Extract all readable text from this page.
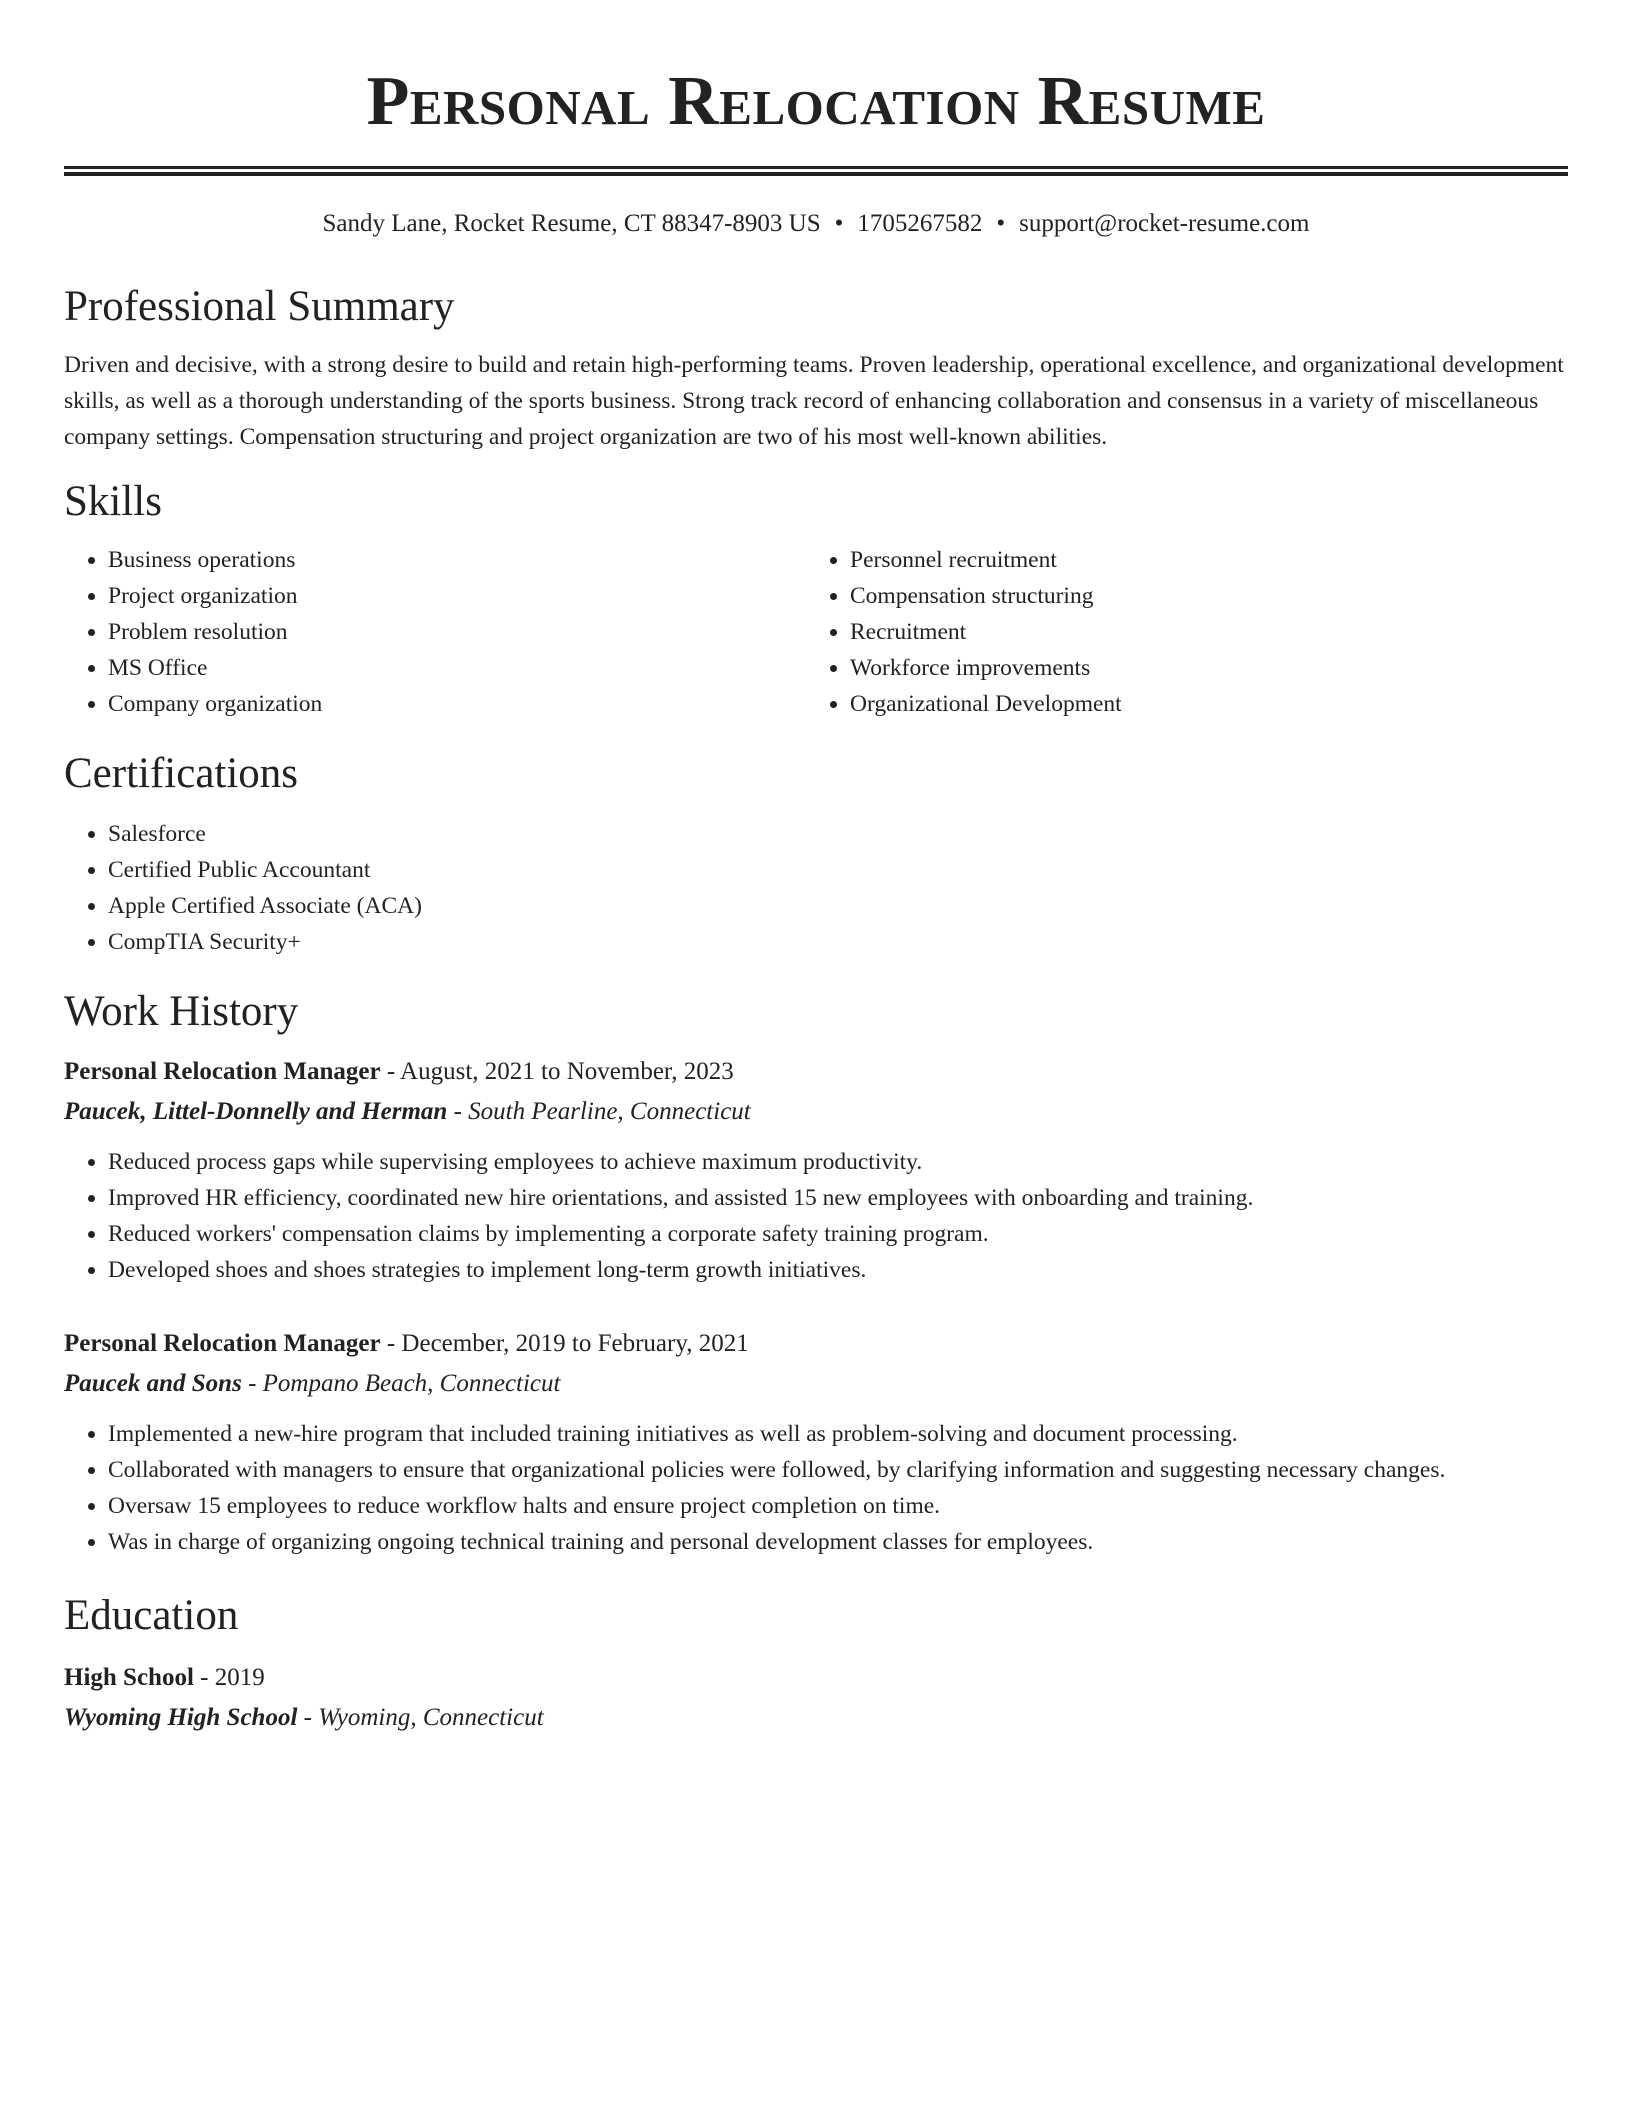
Personal Relocation Resume
Sandy Lane, Rocket Resume, CT 88347-8903 US • 1705267582 • support@rocket-resume.com
Professional Summary
Driven and decisive, with a strong desire to build and retain high-performing teams. Proven leadership, operational excellence, and organizational development skills, as well as a thorough understanding of the sports business. Strong track record of enhancing collaboration and consensus in a variety of miscellaneous company settings. Compensation structuring and project organization are two of his most well-known abilities.
Skills
• Business operations
• Project organization
• Problem resolution
• MS Office
• Company organization
• Personnel recruitment
• Compensation structuring
• Recruitment
• Workforce improvements
• Organizational Development
Certifications
• Salesforce
• Certified Public Accountant
• Apple Certified Associate (ACA)
• CompTIA Security+
Work History
Personal Relocation Manager - August, 2021 to November, 2023
Paucek, Littel-Donnelly and Herman - South Pearline, Connecticut
• Reduced process gaps while supervising employees to achieve maximum productivity.
• Improved HR efficiency, coordinated new hire orientations, and assisted 15 new employees with onboarding and training.
• Reduced workers' compensation claims by implementing a corporate safety training program.
• Developed shoes and shoes strategies to implement long-term growth initiatives.
Personal Relocation Manager - December, 2019 to February, 2021
Paucek and Sons - Pompano Beach, Connecticut
• Implemented a new-hire program that included training initiatives as well as problem-solving and document processing.
• Collaborated with managers to ensure that organizational policies were followed, by clarifying information and suggesting necessary changes.
• Oversaw 15 employees to reduce workflow halts and ensure project completion on time.
• Was in charge of organizing ongoing technical training and personal development classes for employees.
Education
High School - 2019
Wyoming High School - Wyoming, Connecticut
